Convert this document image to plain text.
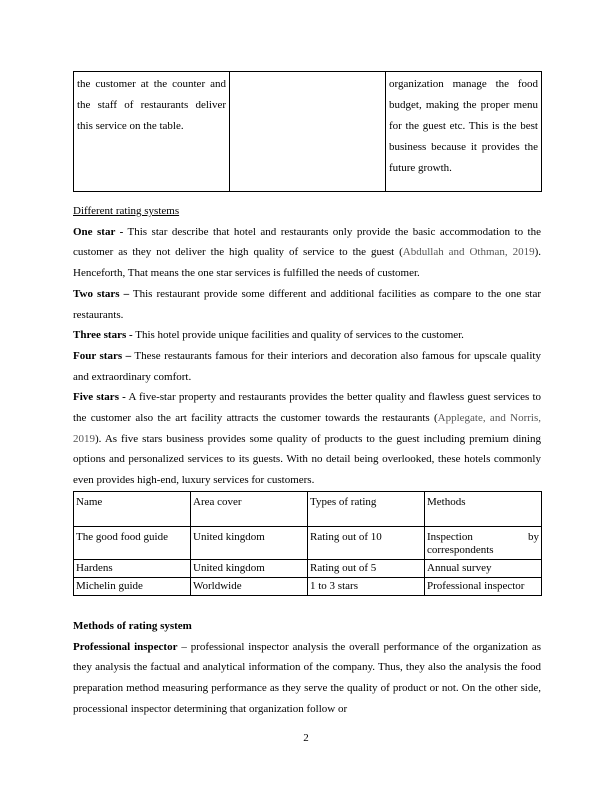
the customer at the counter and the staff of restaurants deliver this service on the table.		organization manage the food budget, making the proper menu for the guest etc. This is the best business because it provides the future growth.

Different rating systems

One star - This star describe that hotel and restaurants only provide the basic accommodation to the customer as they not deliver the high quality of service to the guest (Abdullah and Othman, 2019). Henceforth, That means the one star services is fulfilled the needs of customer.

Two stars – This restaurant provide some different and additional facilities as compare to the one star restaurants.

Three stars - This hotel provide unique facilities and quality of services to the customer.

Four stars – These restaurants famous for their interiors and decoration also famous for upscale quality and extraordinary comfort.

Five stars - A five-star property and restaurants provides the better quality and flawless guest services to the customer also the art facility attracts the customer towards the restaurants (Applegate, and Norris, 2019). As five stars business provides some quality of products to the guest including premium dining options and personalized services to its guests. With no detail being overlooked, these hotels commonly even provides high-end, luxury services for customers.

Name	Area cover	Types of rating	Methods
The good food guide	United kingdom	Rating out of 10	Inspection by correspondents

Hardens	United kingdom	Rating out of 5	Annual survey
Michelin guide	Worldwide	1 to 3 stars	Professional inspector

Methods of rating system

Professional inspector – professional inspector analysis the overall performance of the organization as they analysis the factual and analytical information of the company. Thus, they also the analysis the food preparation method measuring performance as they serve the quality of product or not. On the other side, processional inspector determining that organization follow or

2
